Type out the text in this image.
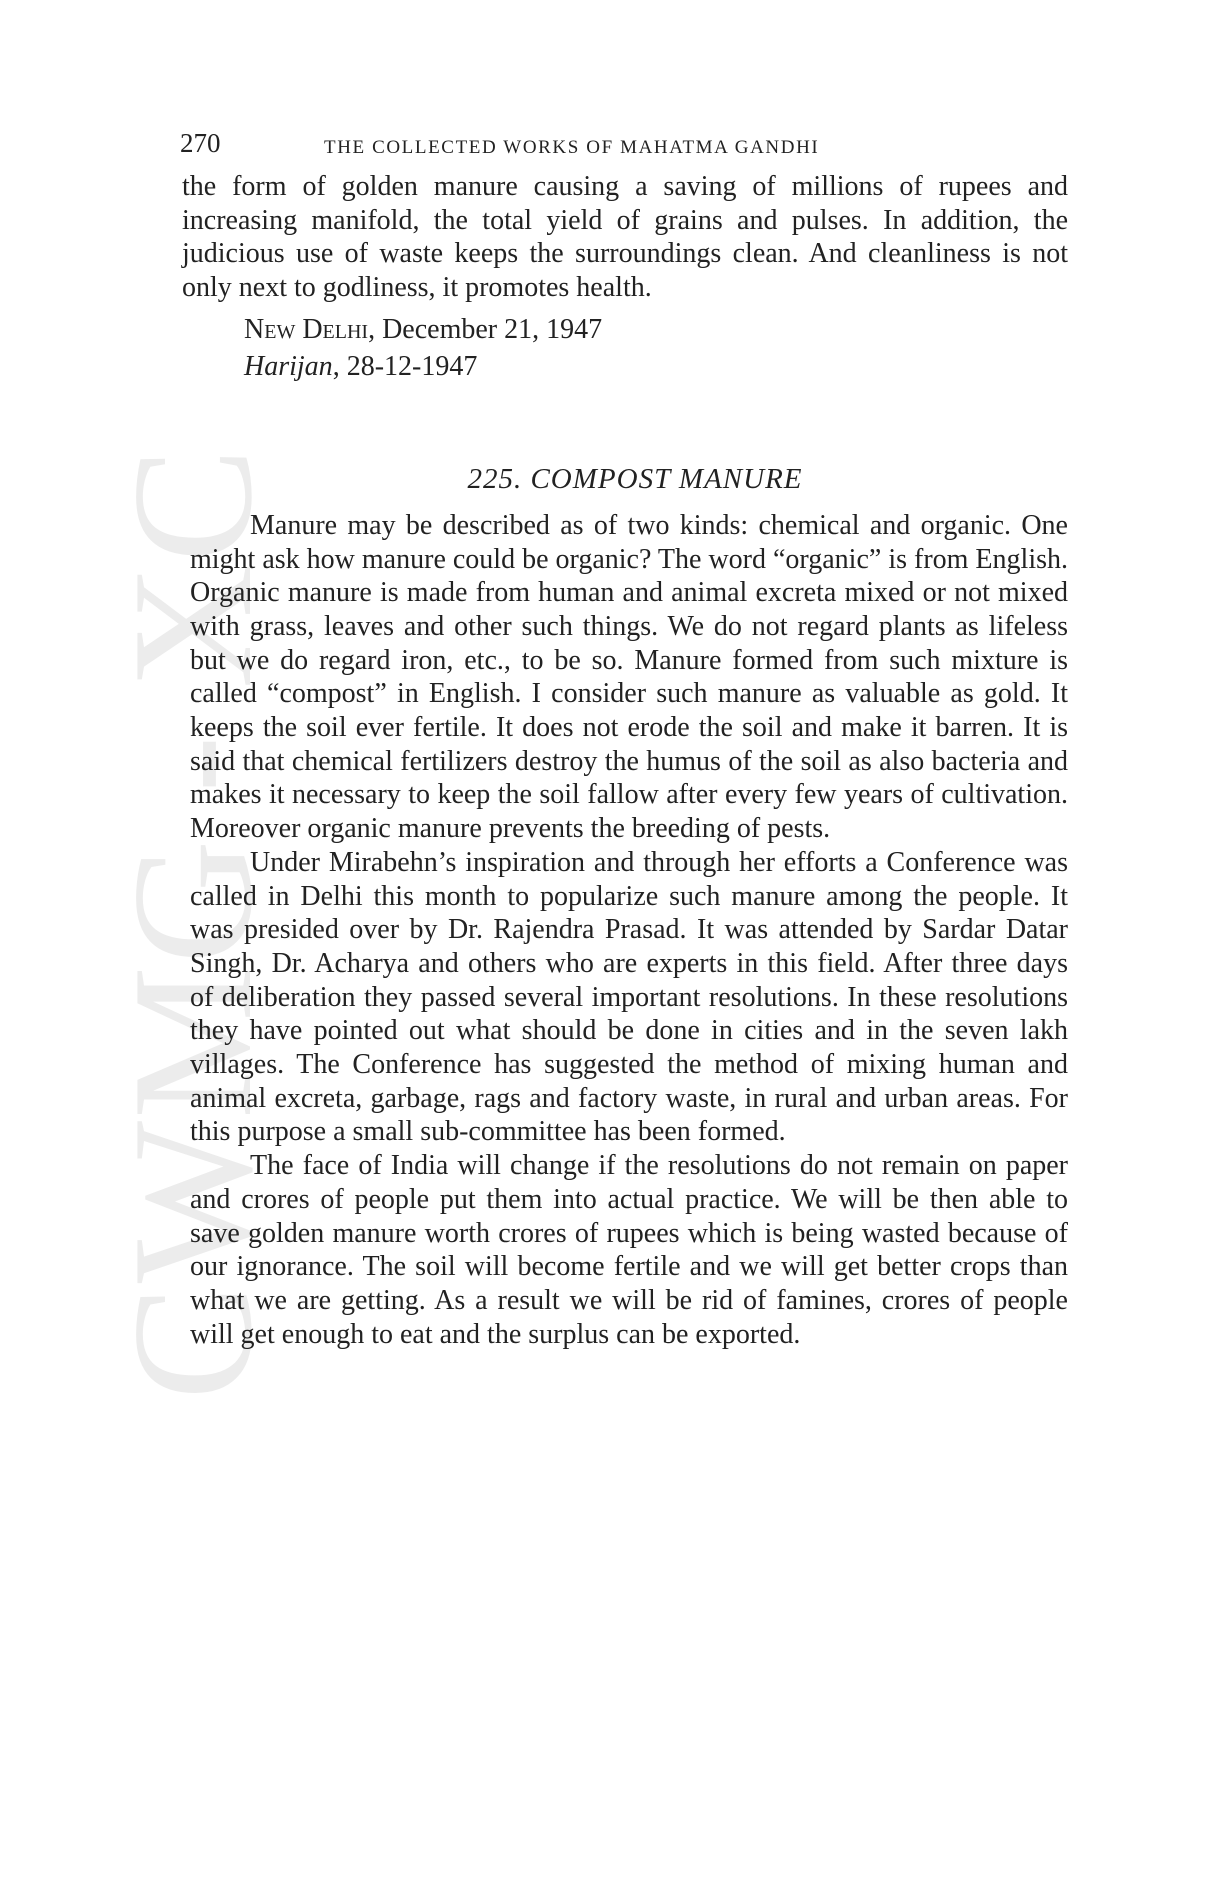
CWMG - XC
270	THE COLLECTED WORKS OF MAHATMA GANDHI

the form of golden manure causing a saving of millions of rupees and increasing manifold, the total yield of grains and pulses. In addition, the judicious use of waste keeps the surroundings clean. And cleanliness is not only next to godliness, it promotes health.

New Delhi, December 21, 1947
Harijan, 28-12-1947
225. COMPOST MANURE

Manure may be described as of two kinds: chemical and organic. One might ask how manure could be organic? The word “organic” is from English. Organic manure is made from human and animal excreta mixed or not mixed with grass, leaves and other such things. We do not regard plants as lifeless but we do regard iron, etc., to be so. Manure formed from such mixture is called “compost” in English. I consider such manure as valuable as gold. It keeps the soil ever fertile. It does not erode the soil and make it barren. It is said that chemical fertilizers destroy the humus of the soil as also bacteria and makes it necessary to keep the soil fallow after every few years of cultivation. Moreover organic manure prevents the breeding of pests.

Under Mirabehn’s inspiration and through her efforts a Conference was called in Delhi this month to popularize such manure among the people. It was presided over by Dr. Rajendra Prasad. It was attended by Sardar Datar Singh, Dr. Acharya and others who are experts in this field. After three days of deliberation they passed several important resolutions. In these resolutions they have pointed out what should be done in cities and in the seven lakh villages. The Conference has suggested the method of mixing human and animal excreta, garbage, rags and factory waste, in rural and urban areas. For this purpose a small sub-committee has been formed.

The face of India will change if the resolutions do not remain on paper and crores of people put them into actual practice. We will be then able to save golden manure worth crores of rupees which is being wasted because of our ignorance. The soil will become fertile and we will get better crops than what we are getting. As a result we will be rid of famines, crores of people will get enough to eat and the surplus can be exported.
